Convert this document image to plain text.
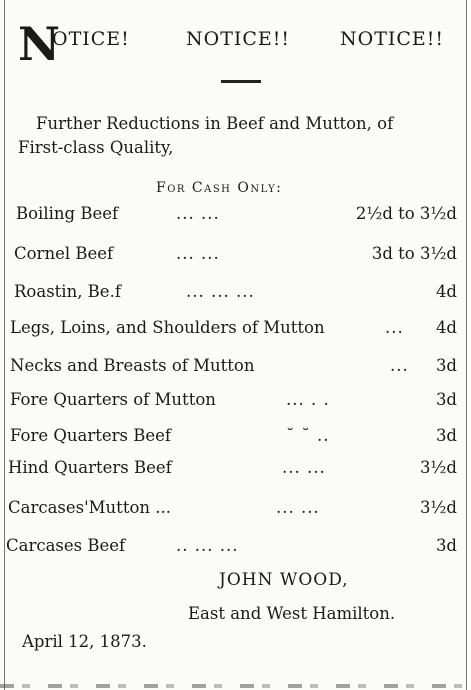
N
OTICE!	NOTICE!!	NOTICE!!
Further Reductions in Beef and Mutton, of
First-class Quality,
For Cash Only:
Boiling Beef	... ...	2½d to 3½d
Cornel Beef	... ...	3d to 3½d
Roastin, Be.f	... ... ...	4d
Legs, Loins, and Shoulders of Mutton	... 4d
Necks and Breasts of Mutton	... 3d
Fore Quarters of Mutton	... . .	3d
Fore Quarters Beef	˘ ˘ ..	3d
Hind Quarters Beef	... ...	3½d
Carcases'Mutton ...	... ...	3½d
Carcases Beef	.. ... ...	3d
JOHN WOOD,
East and West Hamilton.
April 12, 1873.
